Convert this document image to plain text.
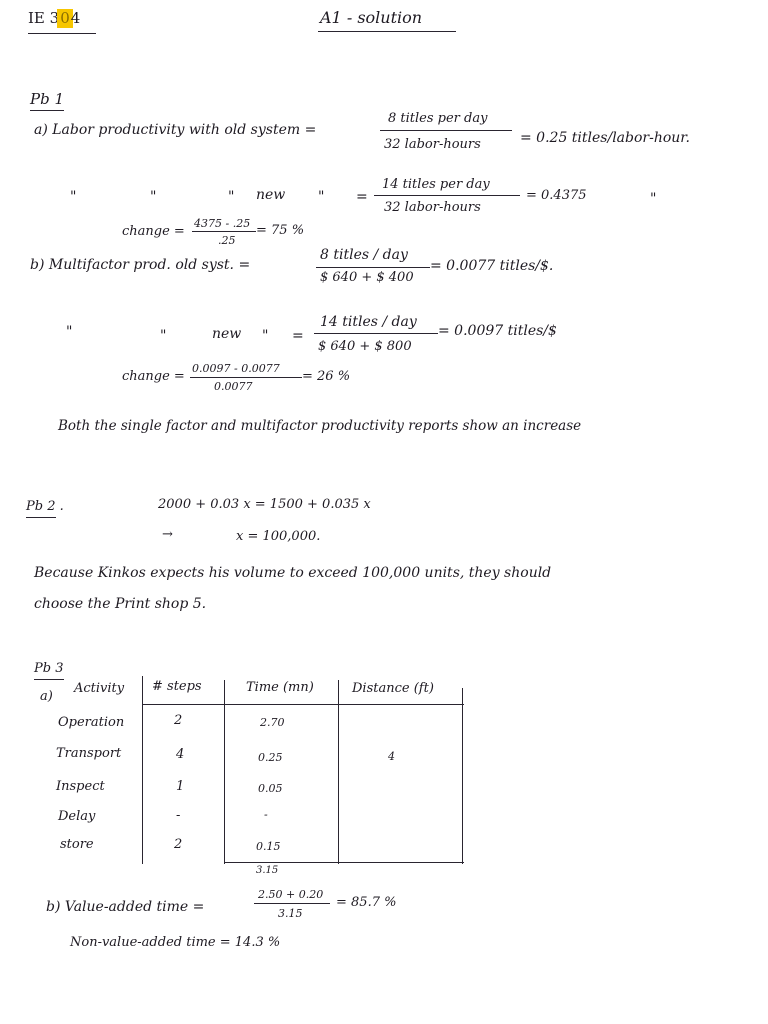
IE 304	A1 - solution
Pb 1
a) Labor productivity with old system =
8 titles per day
32 labor-hours	= 0.25 titles/labor-hour.
"	"	" new " =
14 titles per day
32 labor-hours
= 0.4375	"
change =
4375 - .25
.25
= 75 %
b) Multifactor prod. old syst. =
8 titles / day
$ 640 + $ 400
= 0.0077 titles/$.
"	"	new " =
14 titles / day
$ 640 + $ 800
= 0.0097 titles/$
change =
0.0097 - 0.0077
0.0077
= 26 %
Both the single factor and multifactor productivity reports show an increase
Pb 2 .	2000 + 0.03 x = 1500 + 0.035 x
→	x = 100,000.
Because Kinkos expects his volume to exceed 100,000 units, they should
choose the Print shop 5.
Pb 3
a)
Activity # steps	Time (mn)	Distance (ft)
Operation	2	2.70
Transport	4	0.25	4
Inspect	1	0.05
Delay	-	-
store	2	0.15
3.15
b) Value-added time =
2.50 + 0.20
3.15
= 85.7 %
Non-value-added time = 14.3 %
